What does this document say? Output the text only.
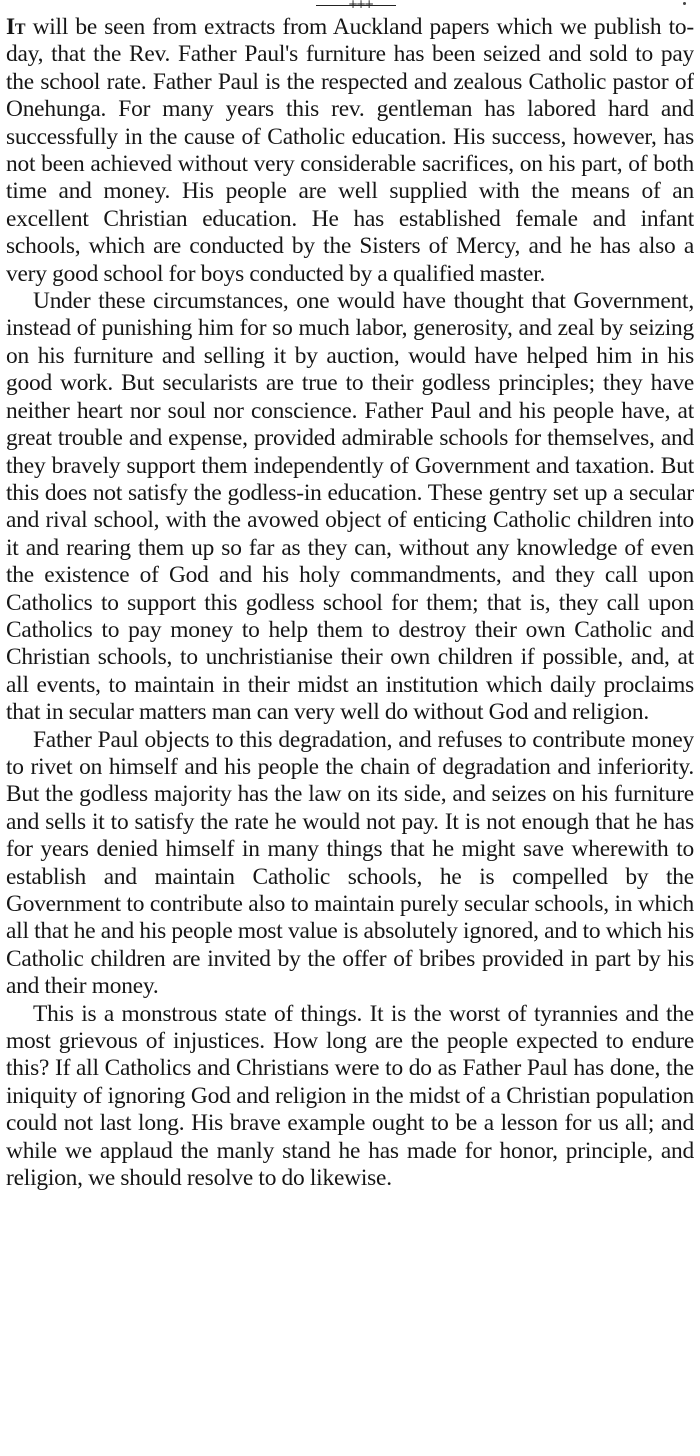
+++

It will be seen from extracts from Auckland papers which we publish to-day, that the Rev. Father Paul's furniture has been seized and sold to pay the school rate. Father Paul is the respected and zealous Catholic pastor of Onehunga. For many years this rev. gentleman has labored hard and successfully in the cause of Catholic education. His success, however, has not been achieved without very considerable sacrifices, on his part, of both time and money. His people are well supplied with the means of an excellent Christian education. He has established female and infant schools, which are conducted by the Sisters of Mercy, and he has also a very good school for boys conducted by a qualified master.

Under these circumstances, one would have thought that Government, instead of punishing him for so much labor, generosity, and zeal by seizing on his furniture and selling it by auction, would have helped him in his good work. But secularists are true to their godless principles; they have neither heart nor soul nor conscience. Father Paul and his people have, at great trouble and expense, provided admirable schools for themselves, and they bravely support them independently of Government and taxation. But this does not satisfy the godless-in education. These gentry set up a secular and rival school, with the avowed object of enticing Catholic children into it and rearing them up so far as they can, without any knowledge of even the existence of God and his holy commandments, and they call upon Catholics to support this godless school for them; that is, they call upon Catholics to pay money to help them to destroy their own Catholic and Christian schools, to unchristianise their own children if possible, and, at all events, to maintain in their midst an institution which daily proclaims that in secular matters man can very well do without God and religion.

Father Paul objects to this degradation, and refuses to contribute money to rivet on himself and his people the chain of degradation and inferiority. But the godless majority has the law on its side, and seizes on his furniture and sells it to satisfy the rate he would not pay. It is not enough that he has for years denied himself in many things that he might save wherewith to establish and maintain Catholic schools, he is compelled by the Government to contribute also to maintain purely secular schools, in which all that he and his people most value is absolutely ignored, and to which his Catholic children are invited by the offer of bribes provided in part by his and their money.

This is a monstrous state of things. It is the worst of tyrannies and the most grievous of injustices. How long are the people expected to endure this? If all Catholics and Christians were to do as Father Paul has done, the iniquity of ignoring God and religion in the midst of a Christian population could not last long. His brave example ought to be a lesson for us all; and while we applaud the manly stand he has made for honor, principle, and religion, we should resolve to do likewise.
